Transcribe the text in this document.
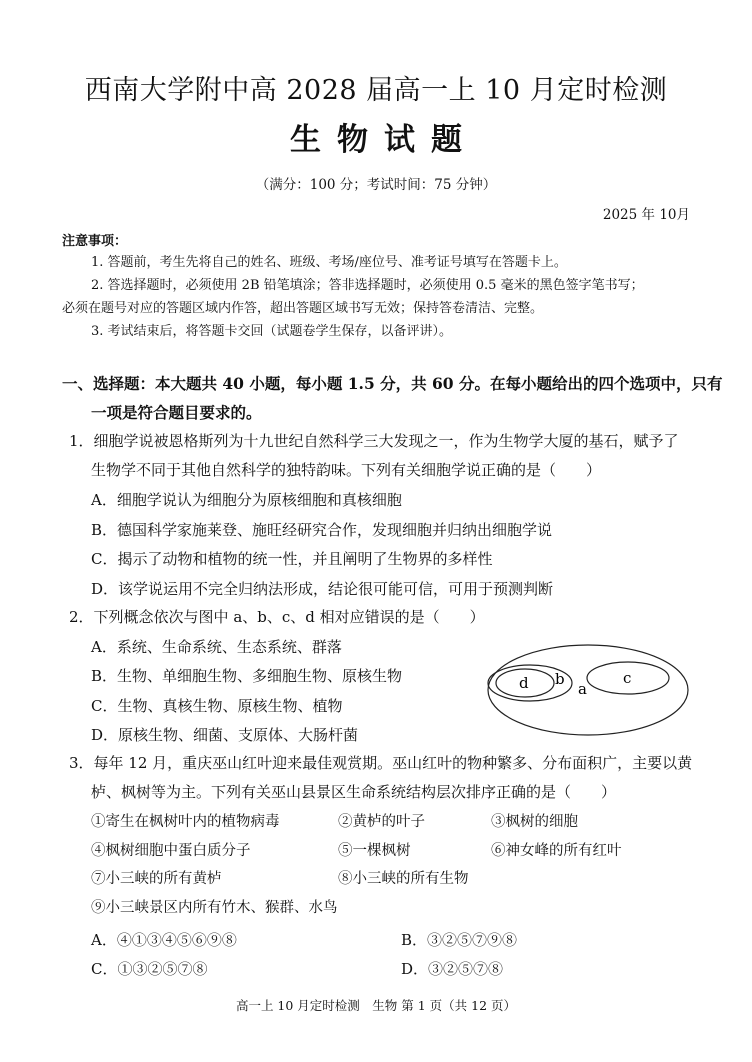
西南大学附中高 2028 届高一上 10 月定时检测
生物试题
（满分：100 分；考试时间：75 分钟）
2025 年 10月
注意事项：
1. 答题前，考生先将自己的姓名、班级、考场/座位号、准考证号填写在答题卡上。
2. 答选择题时，必须使用 2B 铅笔填涂；答非选择题时，必须使用 0.5 毫米的黑色签字笔书写；
必须在题号对应的答题区域内作答，超出答题区域书写无效；保持答卷清洁、完整。
3. 考试结束后，将答题卡交回（试题卷学生保存，以备评讲）。
一、选择题：本大题共 40 小题，每小题 1.5 分，共 60 分。在每小题给出的四个选项中，只有
一项是符合题目要求的。
1．细胞学说被恩格斯列为十九世纪自然科学三大发现之一，作为生物学大厦的基石，赋予了
生物学不同于其他自然科学的独特韵味。下列有关细胞学说正确的是（　　）
A．细胞学说认为细胞分为原核细胞和真核细胞
B．德国科学家施莱登、施旺经研究合作，发现细胞并归纳出细胞学说
C．揭示了动物和植物的统一性，并且阐明了生物界的多样性
D．该学说运用不完全归纳法形成，结论很可能可信，可用于预测判断
2．下列概念依次与图中 a、b、c、d 相对应错误的是（　　）
A．系统、生命系统、生态系统、群落
B．生物、单细胞生物、多细胞生物、原核生物
C．生物、真核生物、原核生物、植物
D．原核生物、细菌、支原体、大肠杆菌
d b
a
c
3．每年 12 月，重庆巫山红叶迎来最佳观赏期。巫山红叶的物种繁多、分布面积广，主要以黄
栌、枫树等为主。下列有关巫山县景区生命系统结构层次排序正确的是（　　）
①寄生在枫树叶内的植物病毒	②黄栌的叶子	③枫树的细胞
④枫树细胞中蛋白质分子	⑤一棵枫树	⑥神女峰的所有红叶
⑦小三峡的所有黄栌	⑧小三峡的所有生物
⑨小三峡景区内所有竹木、猴群、水鸟
A．④①③④⑤⑥⑨⑧	B．③②⑤⑦⑨⑧
C．①③②⑤⑦⑧	D．③②⑤⑦⑧
高一上 10 月定时检测　生物 第 1 页（共 12 页）
